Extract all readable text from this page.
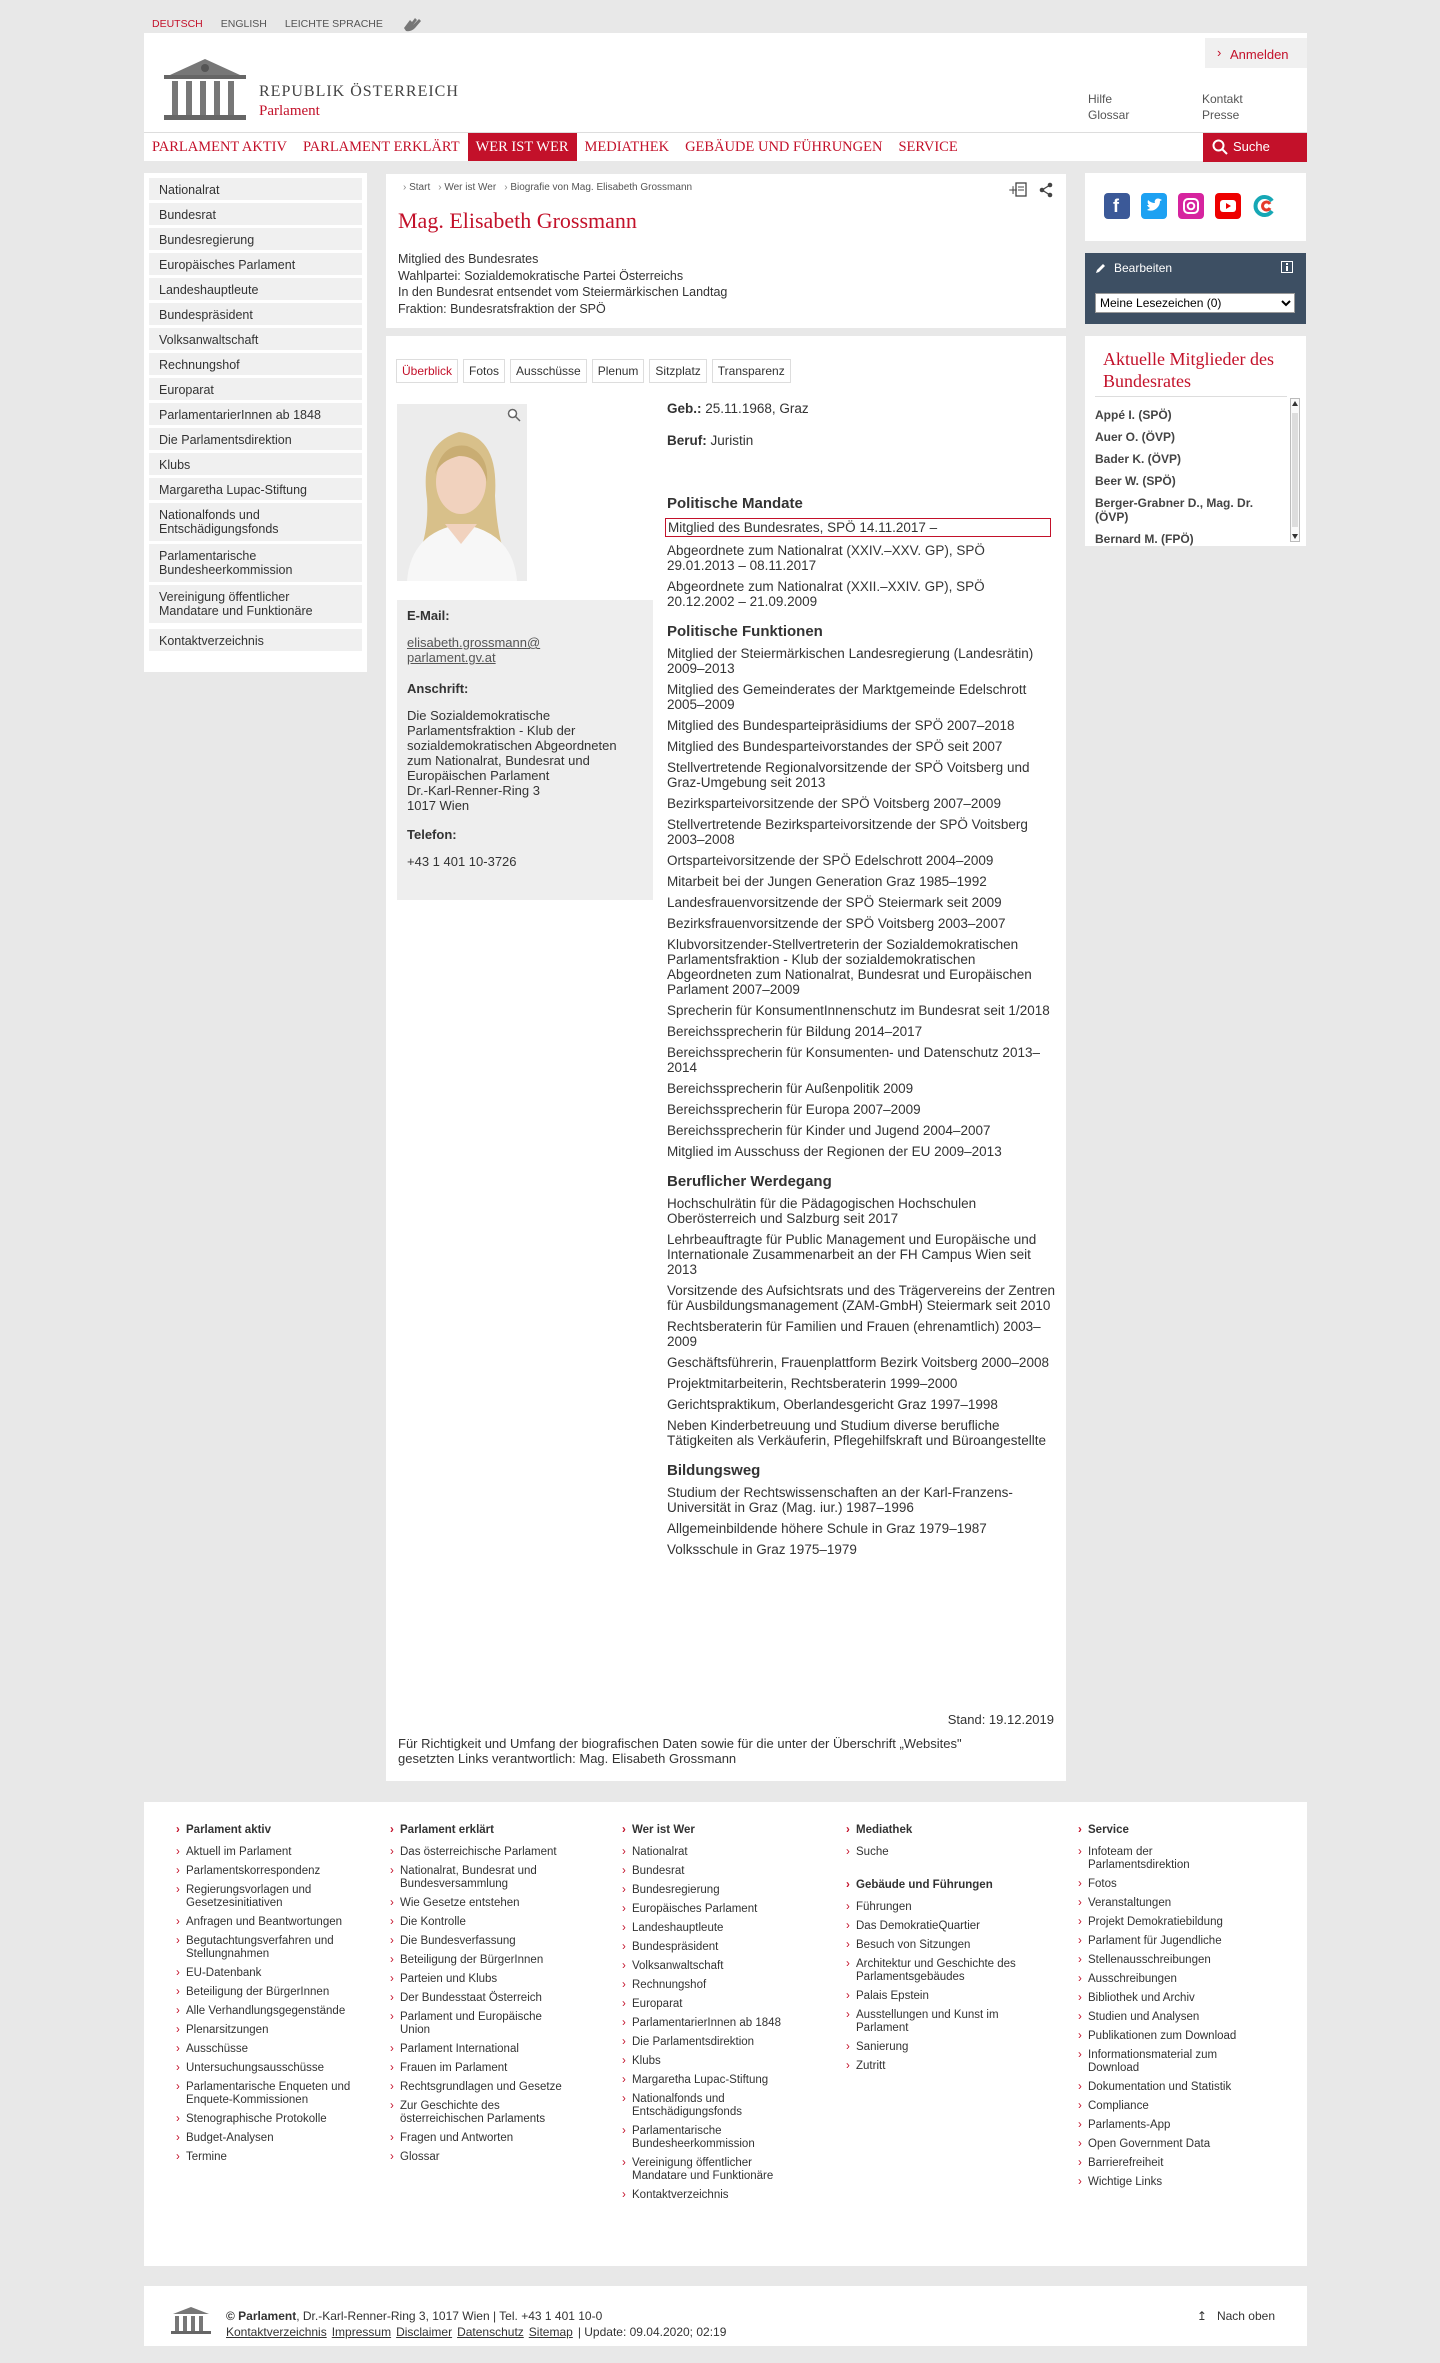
DEUTSCH ENGLISH LEICHTE SPRACHE
REPUBLIK ÖSTERREICH
Parlament
› Anmelden
Hilfe
Glossar
Kontakt
Presse
PARLAMENT AKTIV	PARLAMENT ERKLÄRT	WER IST WER	MEDIATHEK	GEBÄUDE UND FÜHRUNGEN	SERVICE	Suche
Nationalrat
Bundesrat
Bundesregierung
Europäisches Parlament
Landeshauptleute
Bundespräsident
Volksanwaltschaft
Rechnungshof
Europarat
ParlamentarierInnen ab 1848
Die Parlamentsdirektion
Klubs
Margaretha Lupac-Stiftung
Nationalfonds und Entschädigungsfonds
Parlamentarische Bundesheerkommission
Vereinigung öffentlicher Mandatare und Funktionäre
Kontaktverzeichnis
› Start	› Wer ist Wer	› Biografie von Mag. Elisabeth Grossmann	+
Mag. Elisabeth Grossmann
Mitglied des Bundesrates
Wahlpartei: Sozialdemokratische Partei Österreichs
In den Bundesrat entsendet vom Steiermärkischen Landtag
Fraktion: Bundesratsfraktion der SPÖ
Überblick	Fotos	Ausschüsse	Plenum	Sitzplatz	Transparenz
E-Mail:
elisabeth.grossmann@ parlament.gv.at
Anschrift:
Die Sozialdemokratische Parlamentsfraktion - Klub der sozialdemokratischen Abgeordneten zum Nationalrat, Bundesrat und Europäischen Parlament
Dr.-Karl-Renner-Ring 3
1017 Wien
Telefon:
+43 1 401 10-3726
Geb.: 25.11.1968, Graz
Beruf: Juristin
Politische Mandate
Mitglied des Bundesrates, SPÖ 14.11.2017 –
Abgeordnete zum Nationalrat (XXIV.–XXV. GP), SPÖ 29.01.2013 – 08.11.2017
Abgeordnete zum Nationalrat (XXII.–XXIV. GP), SPÖ 20.12.2002 – 21.09.2009
Politische Funktionen
Mitglied der Steiermärkischen Landesregierung (Landesrätin) 2009–2013
Mitglied des Gemeinderates der Marktgemeinde Edelschrott 2005–2009
Mitglied des Bundesparteipräsidiums der SPÖ 2007–2018
Mitglied des Bundesparteivorstandes der SPÖ seit 2007
Stellvertretende Regionalvorsitzende der SPÖ Voitsberg und Graz-Umgebung seit 2013
Bezirksparteivorsitzende der SPÖ Voitsberg 2007–2009
Stellvertretende Bezirksparteivorsitzende der SPÖ Voitsberg 2003–2008
Ortsparteivorsitzende der SPÖ Edelschrott 2004–2009
Mitarbeit bei der Jungen Generation Graz 1985–1992
Landesfrauenvorsitzende der SPÖ Steiermark seit 2009
Bezirksfrauenvorsitzende der SPÖ Voitsberg 2003–2007
Klubvorsitzender-Stellvertreterin der Sozialdemokratischen Parlamentsfraktion - Klub der sozialdemokratischen Abgeordneten zum Nationalrat, Bundesrat und Europäischen Parlament 2007–2009
Sprecherin für KonsumentInnenschutz im Bundesrat seit 1/2018
Bereichssprecherin für Bildung 2014–2017
Bereichssprecherin für Konsumenten- und Datenschutz 2013–2014
Bereichssprecherin für Außenpolitik 2009
Bereichssprecherin für Europa 2007–2009
Bereichssprecherin für Kinder und Jugend 2004–2007
Mitglied im Ausschuss der Regionen der EU 2009–2013
Beruflicher Werdegang
Hochschulrätin für die Pädagogischen Hochschulen Oberösterreich und Salzburg seit 2017
Lehrbeauftragte für Public Management und Europäische und Internationale Zusammenarbeit an der FH Campus Wien seit 2013
Vorsitzende des Aufsichtsrats und des Trägervereins der Zentren für Ausbildungsmanagement (ZAM-GmbH) Steiermark seit 2010
Rechtsberaterin für Familien und Frauen (ehrenamtlich) 2003–2009
Geschäftsführerin, Frauenplattform Bezirk Voitsberg 2000–2008
Projektmitarbeiterin, Rechtsberaterin 1999–2000
Gerichtspraktikum, Oberlandesgericht Graz 1997–1998
Neben Kinderbetreuung und Studium diverse berufliche Tätigkeiten als Verkäuferin, Pflegehilfskraft und Büroangestellte
Bildungsweg
Studium der Rechtswissenschaften an der Karl-Franzens-Universität in Graz (Mag. iur.) 1987–1996
Allgemeinbildende höhere Schule in Graz 1979–1987
Volksschule in Graz 1975–1979
Stand: 19.12.2019
Für Richtigkeit und Umfang der biografischen Daten sowie für die unter der Überschrift „Websites" gesetzten Links verantwortlich: Mag. Elisabeth Grossmann
f
Bearbeiten
Meine Lesezeichen (0)
Aktuelle Mitglieder des Bundesrates
Appé I. (SPÖ)
Auer O. (ÖVP)
Bader K. (ÖVP)
Beer W. (SPÖ)
Berger-Grabner D., Mag. Dr. (ÖVP)
Bernard M. (FPÖ)
› Parlament aktiv
› Aktuell im Parlament
› Parlamentskorrespondenz
› Regierungsvorlagen und Gesetzesinitiativen
› Anfragen und Beantwortungen
› Begutachtungsverfahren und Stellungnahmen
› EU-Datenbank
› Beteiligung der BürgerInnen
› Alle Verhandlungsgegenstände
› Plenarsitzungen
› Ausschüsse
› Untersuchungsausschüsse
› Parlamentarische Enqueten und Enquete-Kommissionen
› Stenographische Protokolle
› Budget-Analysen
› Termine
› Parlament erklärt
› Das österreichische Parlament
› Nationalrat, Bundesrat und Bundesversammlung
› Wie Gesetze entstehen
› Die Kontrolle
› Die Bundesverfassung
› Beteiligung der BürgerInnen
› Parteien und Klubs
› Der Bundesstaat Österreich
› Parlament und Europäische Union
› Parlament International
› Frauen im Parlament
› Rechtsgrundlagen und Gesetze
› Zur Geschichte des österreichischen Parlaments
› Fragen und Antworten
› Glossar
› Wer ist Wer
› Nationalrat
› Bundesrat
› Bundesregierung
› Europäisches Parlament
› Landeshauptleute
› Bundespräsident
› Volksanwaltschaft
› Rechnungshof
› Europarat
› ParlamentarierInnen ab 1848
› Die Parlamentsdirektion
› Klubs
› Margaretha Lupac-Stiftung
› Nationalfonds und Entschädigungsfonds
› Parlamentarische Bundesheerkommission
› Vereinigung öffentlicher Mandatare und Funktionäre
› Kontaktverzeichnis
› Mediathek
› Suche
› Gebäude und Führungen
› Führungen
› Das DemokratieQuartier
› Besuch von Sitzungen
› Architektur und Geschichte des Parlamentsgebäudes
› Palais Epstein
› Ausstellungen und Kunst im Parlament
› Sanierung
› Zutritt
› Service
› Infoteam der Parlamentsdirektion
› Fotos
› Veranstaltungen
› Projekt Demokratiebildung
› Parlament für Jugendliche
› Stellenausschreibungen
› Ausschreibungen
› Bibliothek und Archiv
› Studien und Analysen
› Publikationen zum Download
› Informationsmaterial zum Download
› Dokumentation und Statistik
› Compliance
› Parlaments-App
› Open Government Data
› Barrierefreiheit
› Wichtige Links
© Parlament, Dr.-Karl-Renner-Ring 3, 1017 Wien | Tel. +43 1 401 10-0
Kontaktverzeichnis Impressum Disclaimer Datenschutz Sitemap | Update: 09.04.2020; 02:19
↥ Nach oben
